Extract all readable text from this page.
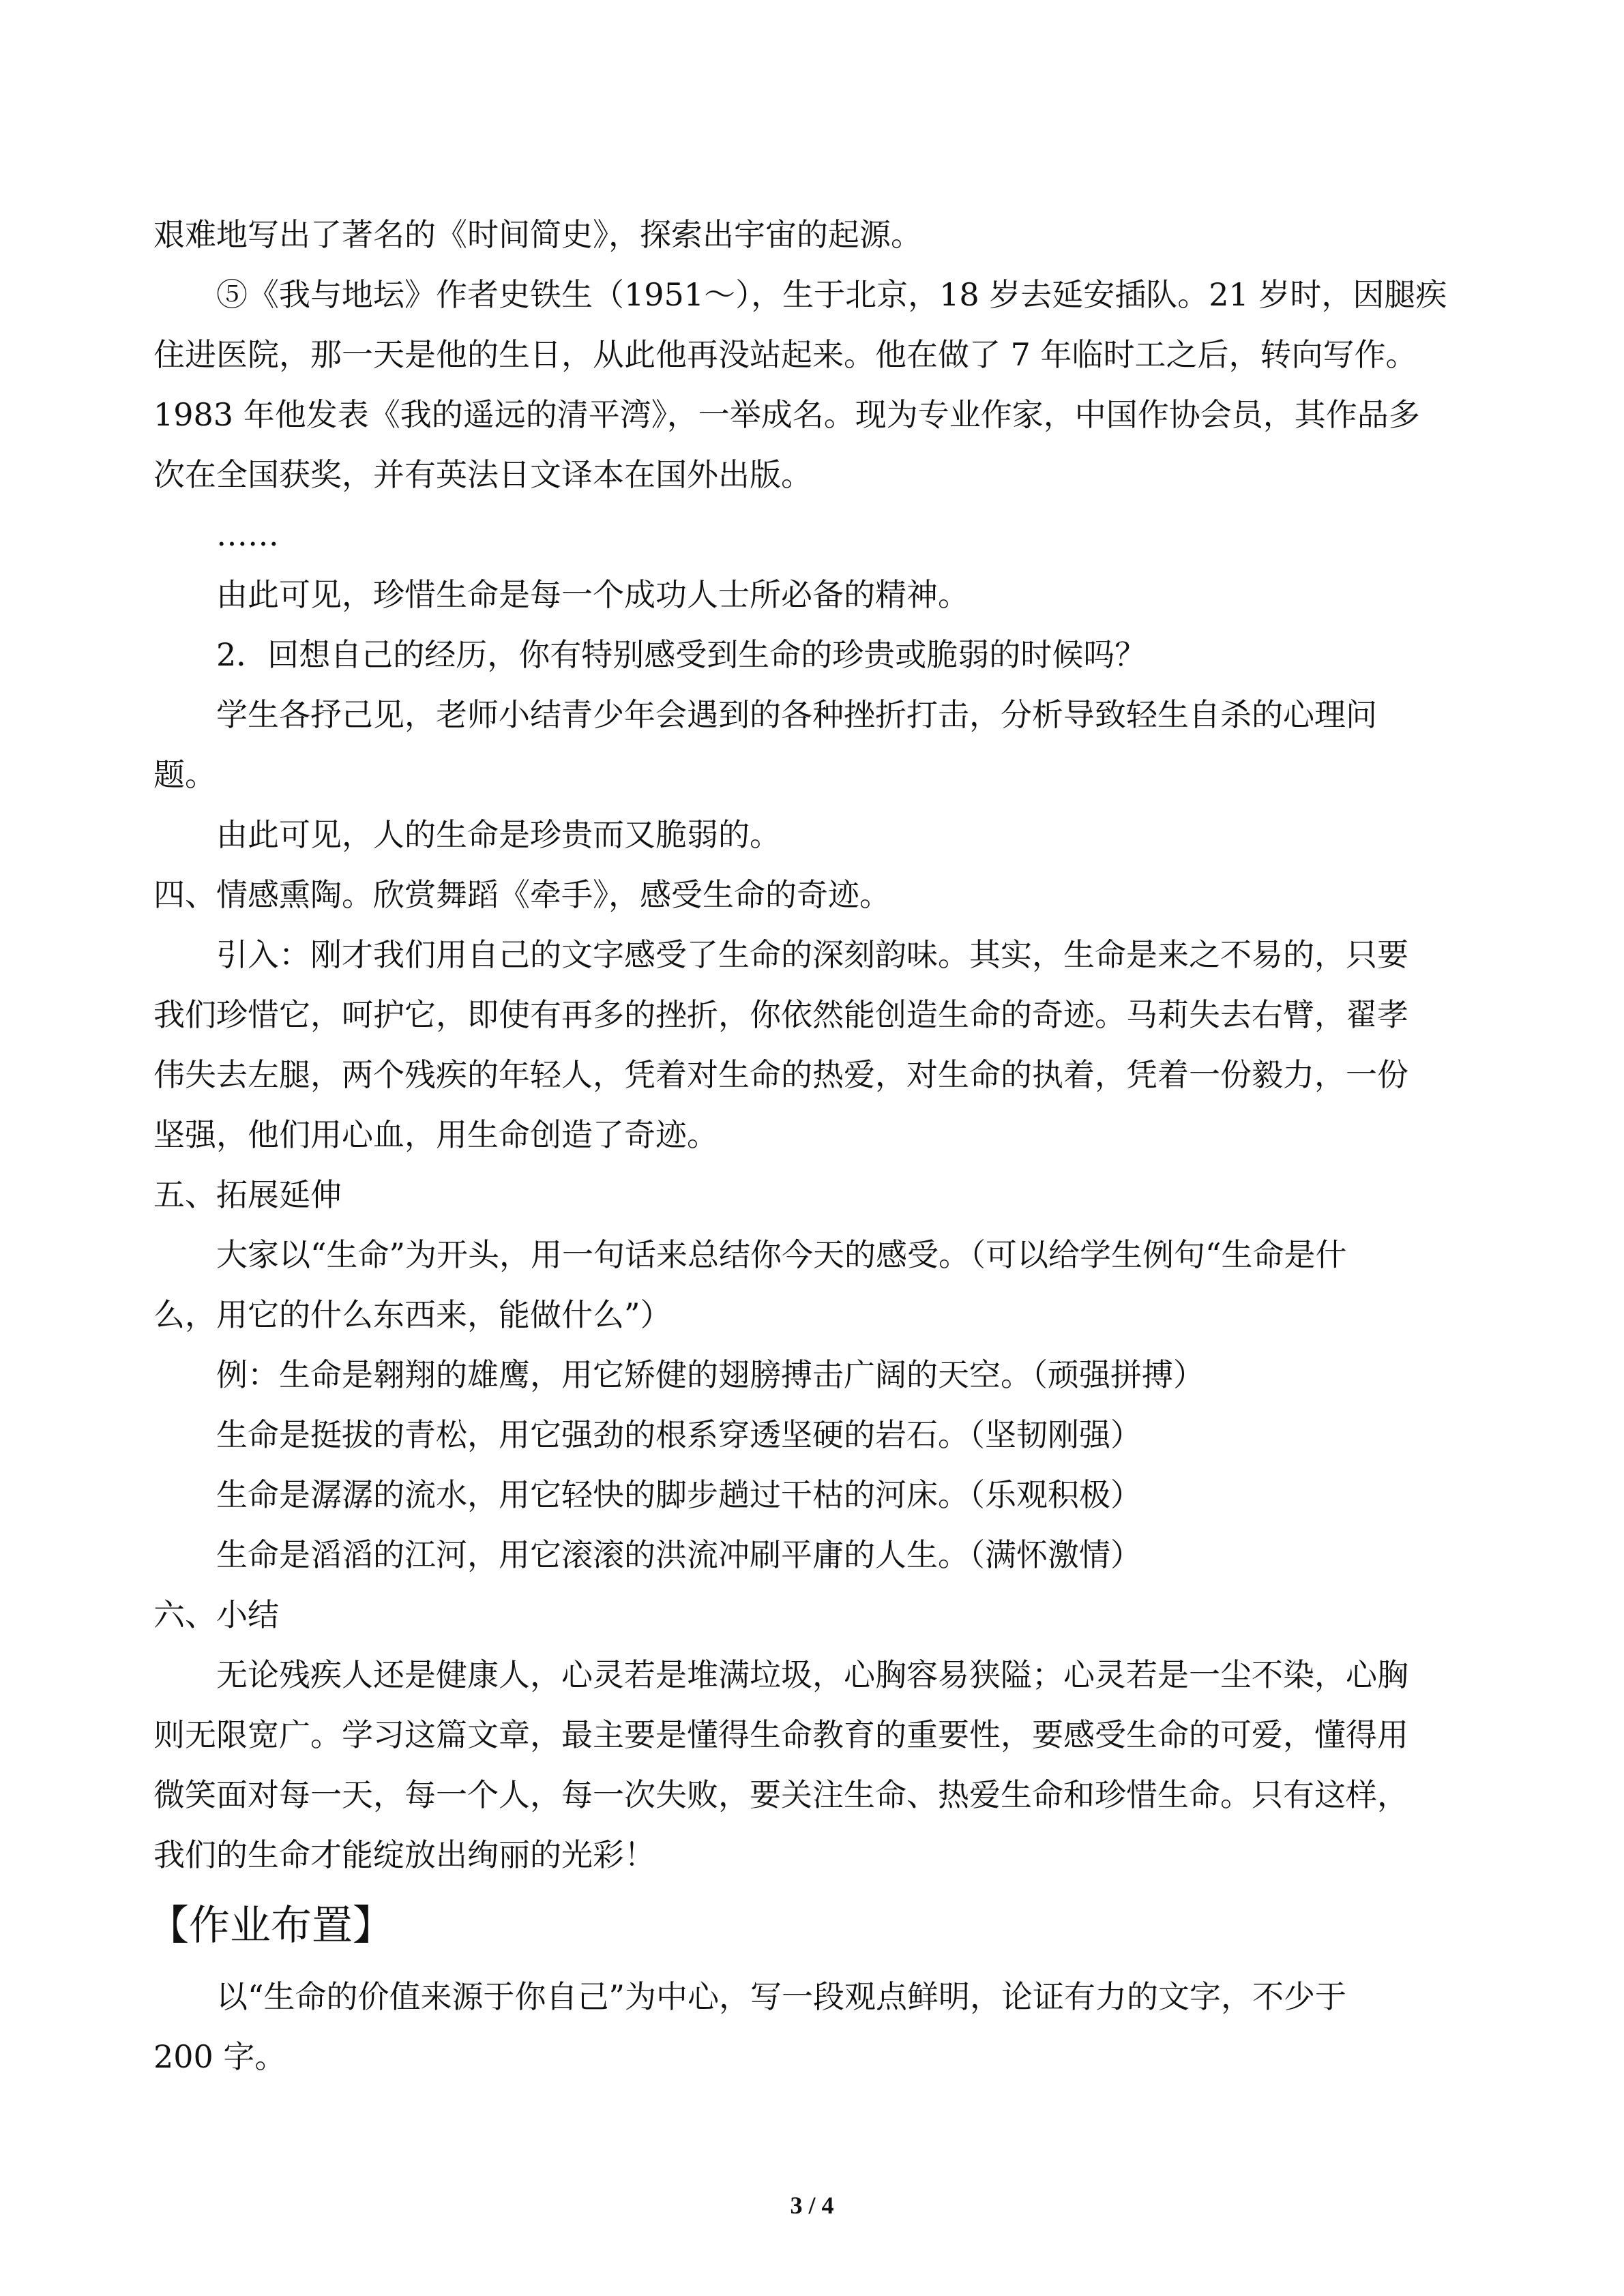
艰难地写出了著名的《时间简史》，探索出宇宙的起源。
⑤《我与地坛》作者史铁生（1951～），生于北京，18 岁去延安插队。21 岁时，因腿疾
住进医院，那一天是他的生日，从此他再没站起来。他在做了 7 年临时工之后，转向写作。
1983 年他发表《我的遥远的清平湾》，一举成名。现为专业作家，中国作协会员，其作品多
次在全国获奖，并有英法日文译本在国外出版。
……
由此可见，珍惜生命是每一个成功人士所必备的精神。
2．回想自己的经历，你有特别感受到生命的珍贵或脆弱的时候吗？
学生各抒己见，老师小结青少年会遇到的各种挫折打击，分析导致轻生自杀的心理问
题。
由此可见，人的生命是珍贵而又脆弱的。
四、情感熏陶。欣赏舞蹈《牵手》，感受生命的奇迹。
引入：刚才我们用自己的文字感受了生命的深刻韵味。其实，生命是来之不易的，只要
我们珍惜它，呵护它，即使有再多的挫折，你依然能创造生命的奇迹。马莉失去右臂，翟孝
伟失去左腿，两个残疾的年轻人，凭着对生命的热爱，对生命的执着，凭着一份毅力，一份
坚强，他们用心血，用生命创造了奇迹。
五、拓展延伸
大家以“生命”为开头，用一句话来总结你今天的感受。（可以给学生例句“生命是什
么，用它的什么东西来，能做什么”）
例：生命是翱翔的雄鹰，用它矫健的翅膀搏击广阔的天空。（顽强拼搏）
生命是挺拔的青松，用它强劲的根系穿透坚硬的岩石。（坚韧刚强）
生命是潺潺的流水，用它轻快的脚步趟过干枯的河床。（乐观积极）
生命是滔滔的江河，用它滚滚的洪流冲刷平庸的人生。（满怀激情）
六、小结
无论残疾人还是健康人，心灵若是堆满垃圾，心胸容易狭隘；心灵若是一尘不染，心胸
则无限宽广。学习这篇文章，最主要是懂得生命教育的重要性，要感受生命的可爱，懂得用
微笑面对每一天，每一个人，每一次失败，要关注生命、热爱生命和珍惜生命。只有这样，
我们的生命才能绽放出绚丽的光彩！
【作业布置】
以“生命的价值来源于你自己”为中心，写一段观点鲜明，论证有力的文字，不少于
200 字。
3 / 4
